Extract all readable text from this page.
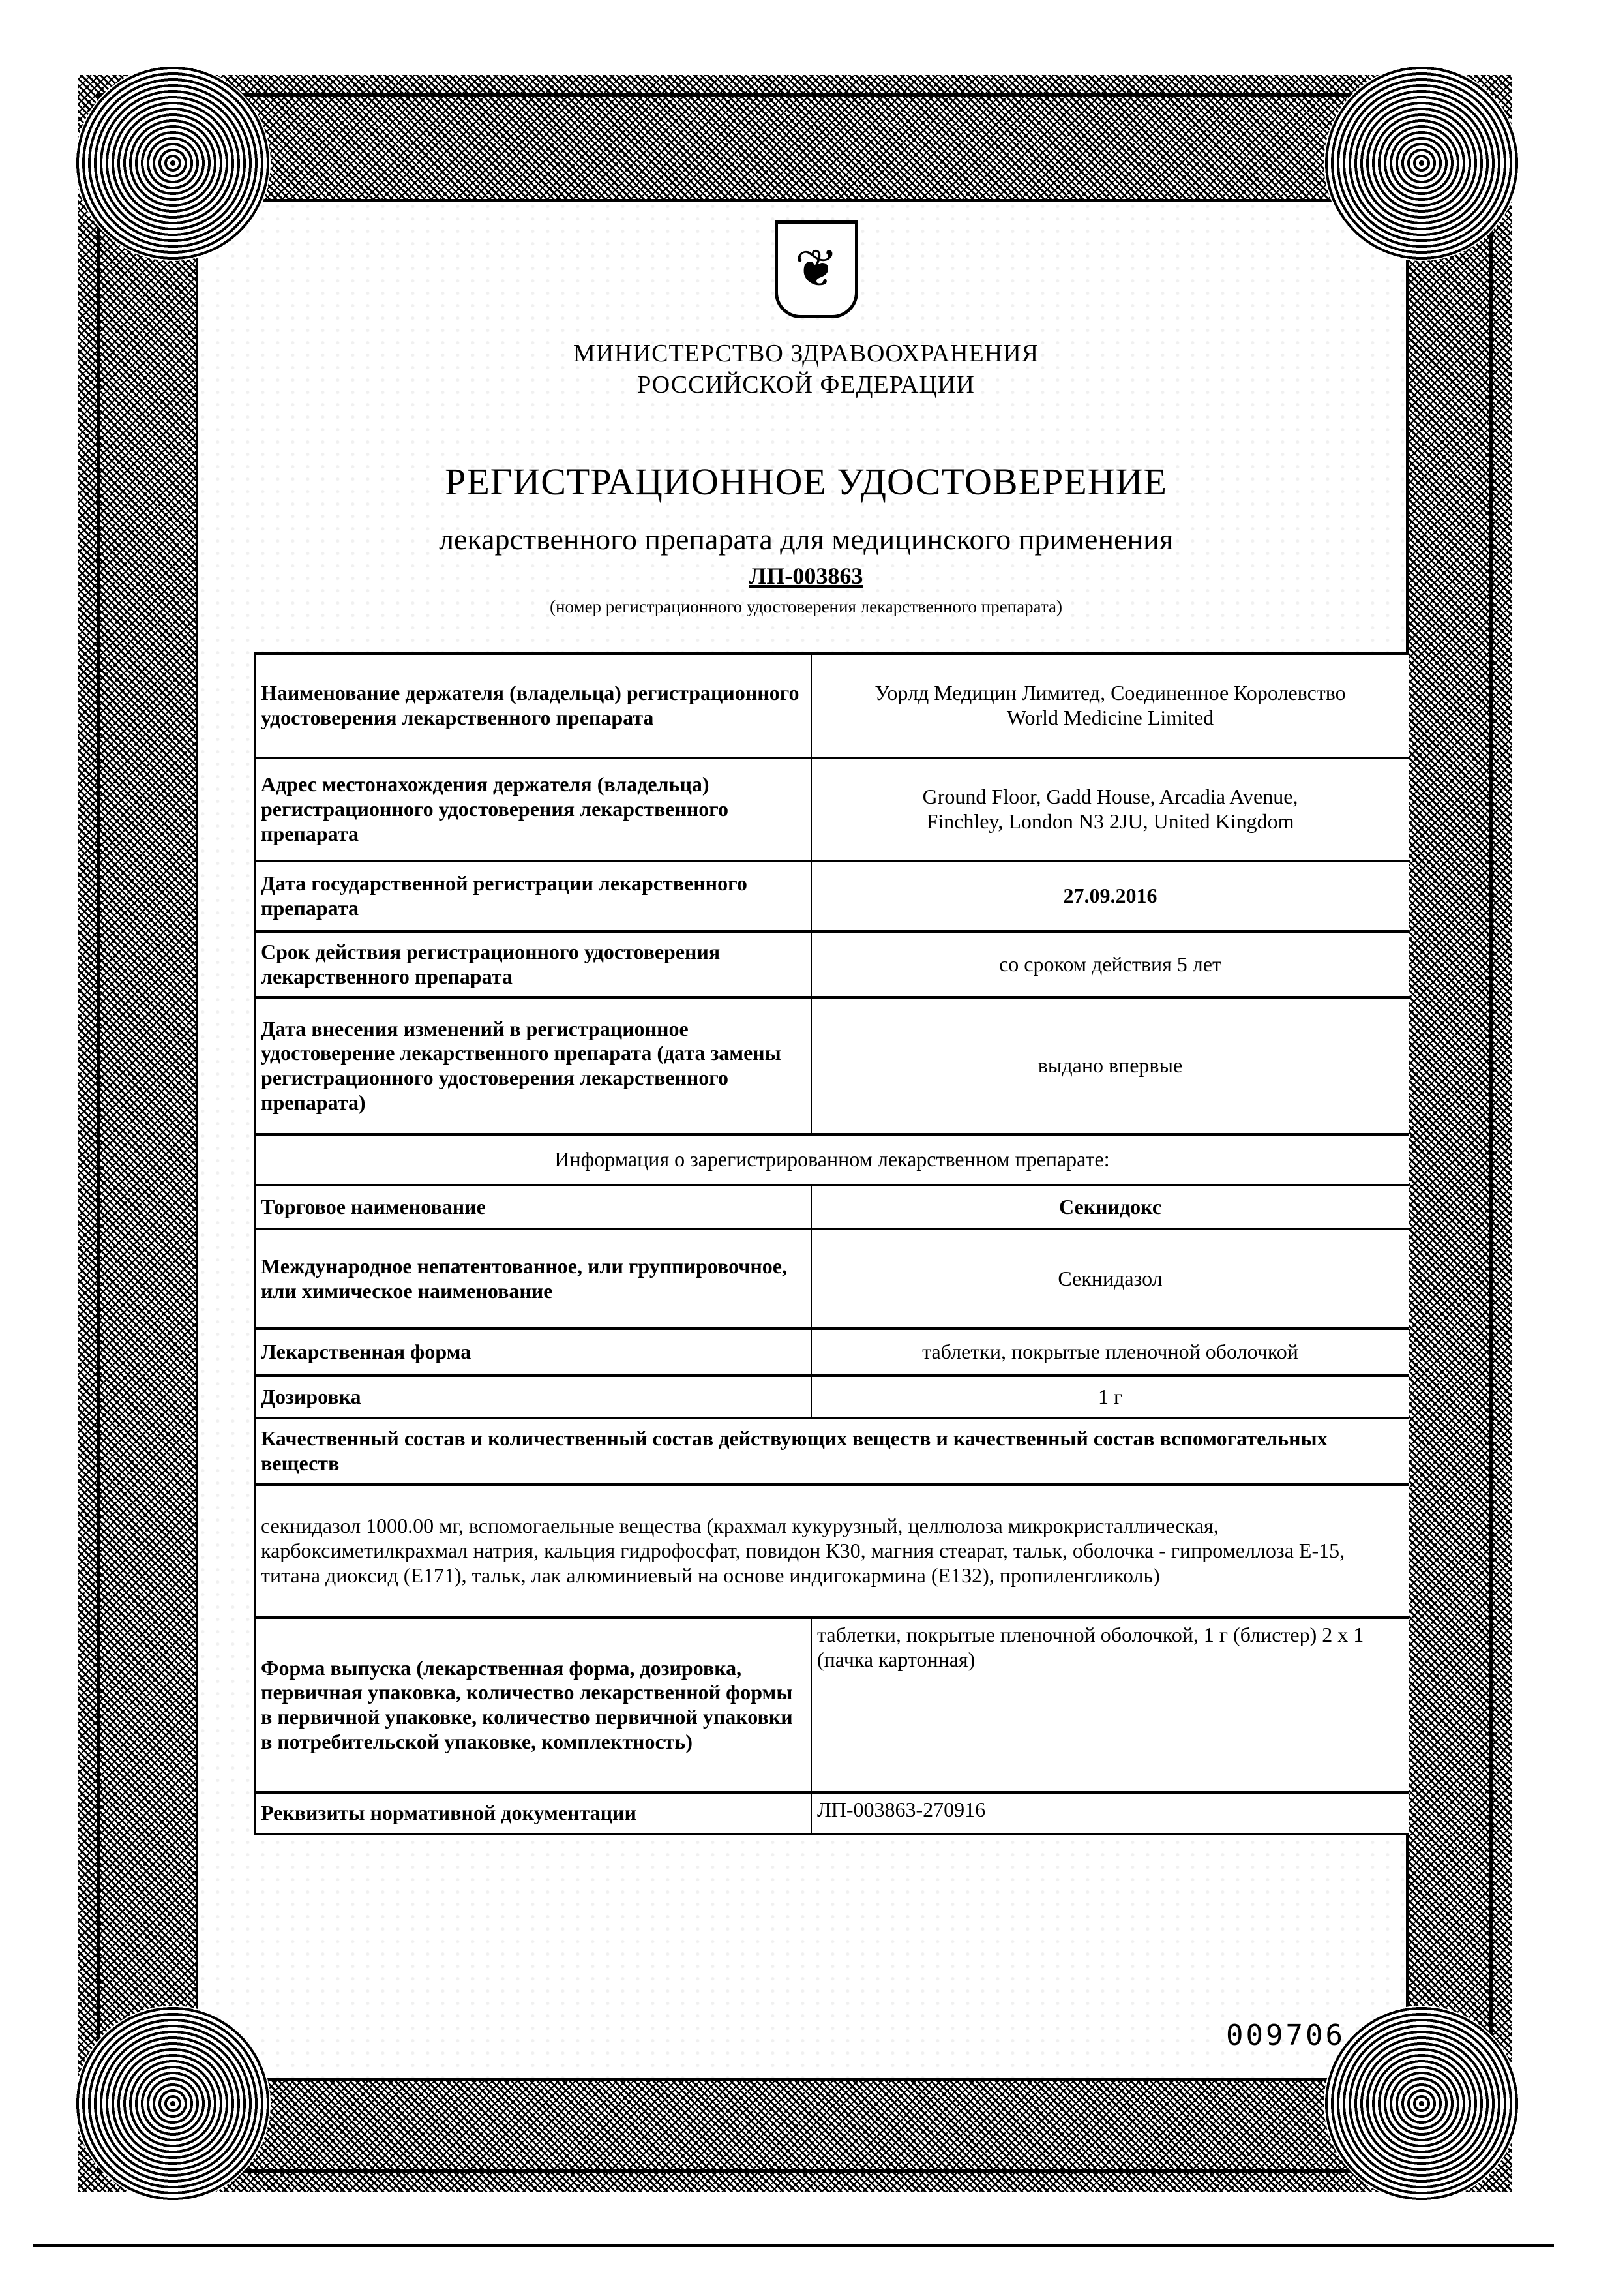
❦
МИНИСТЕРСТВО ЗДРАВООХРАНЕНИЯ
РОССИЙСКОЙ ФЕДЕРАЦИИ
РЕГИСТРАЦИОННОЕ УДОСТОВЕРЕНИЕ
лекарственного препарата для медицинского применения
ЛП-003863
(номер регистрационного удостоверения лекарственного препарата)
Наименование держателя (владельца) регистрационного удостоверения лекарственного препарата	Уорлд Медицин Лимитед, Соединенное Королевство
World Medicine Limited

Адрес местонахождения держателя (владельца) регистрационного удостоверения лекарственного препарата	Ground Floor, Gadd House, Arcadia Avenue,
Finchley, London N3 2JU, United Kingdom

Дата государственной регистрации лекарственного препарата	27.09.2016
Срок действия регистрационного удостоверения лекарственного препарата	со сроком действия 5 лет
Дата внесения изменений в регистрационное удостоверение лекарственного препарата (дата замены регистрационного удостоверения лекарственного препарата)	выдано впервые
Информация о зарегистрированном лекарственном препарате:	
Торговое наименование	Секнидокс
Международное непатентованное, или группировочное, или химическое наименование	Секнидазол
Лекарственная форма	таблетки, покрытые пленочной оболочкой
Дозировка	1 г
Качественный состав и количественный состав действующих веществ и качественный состав вспомогательных веществ	
секнидазол 1000.00 мг, вспомогаельные вещества (крахмал кукурузный, целлюлоза микрокристаллическая, карбоксиметилкрахмал натрия, кальция гидрофосфат, повидон К30, магния стеарат, тальк, оболочка - гипромеллоза Е-15, титана диоксид (Е171), тальк, лак алюминиевый на основе индигокармина (Е132), пропиленгликоль)	
Форма выпуска (лекарственная форма, дозировка, первичная упаковка, количество лекарственной формы в первичной упаковке, количество первичной упаковки в потребительской упаковке, комплектность)	таблетки, покрытые пленочной оболочкой, 1 г (блистер) 2 x 1 (пачка картонная)
Реквизиты нормативной документации	ЛП-003863-270916
009706
